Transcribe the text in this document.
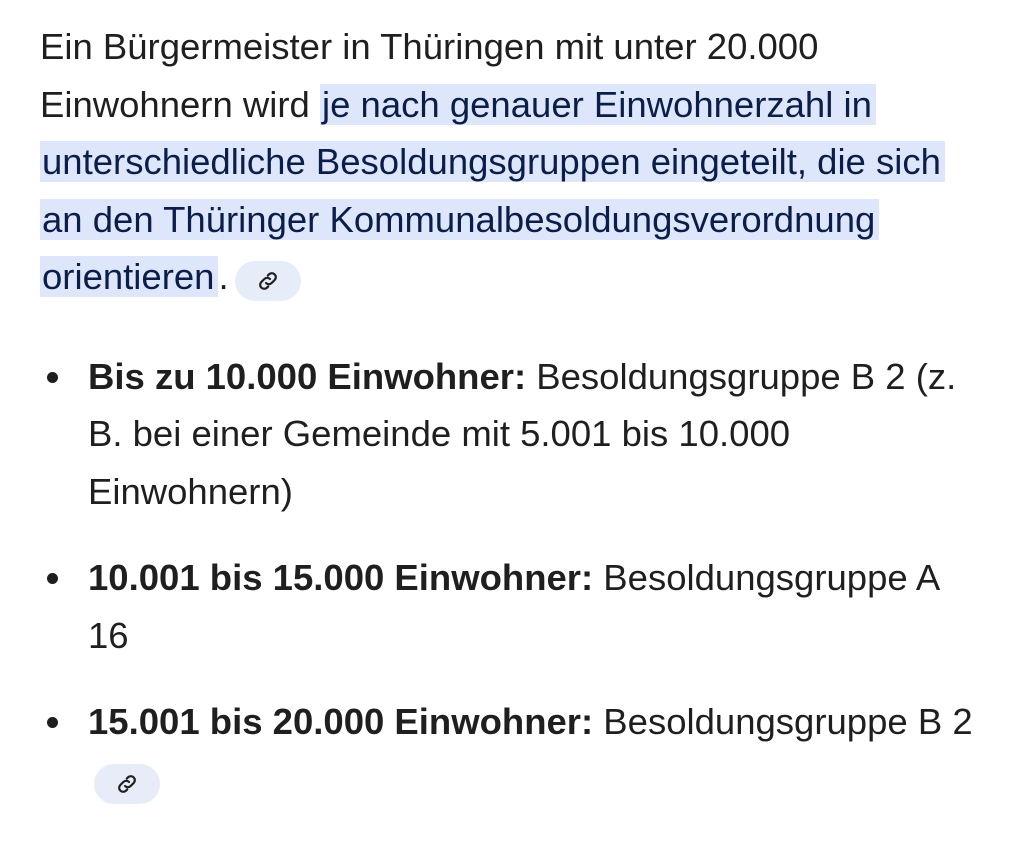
Ein Bürgermeister in Thüringen mit unter 20.000 Einwohnern wird je nach genauer Einwohnerzahl in unterschiedliche Besoldungsgruppen eingeteilt, die sich an den Thüringer Kommunalbesoldungsverordnung orientieren .

Bis zu 10.000 Einwohner: Besoldungsgruppe B 2 (z. B. bei einer Gemeinde mit 5.001 bis 10.000 Einwohnern)
10.001 bis 15.000 Einwohner: Besoldungsgruppe A 16
15.001 bis 20.000 Einwohner: Besoldungsgruppe B 2
